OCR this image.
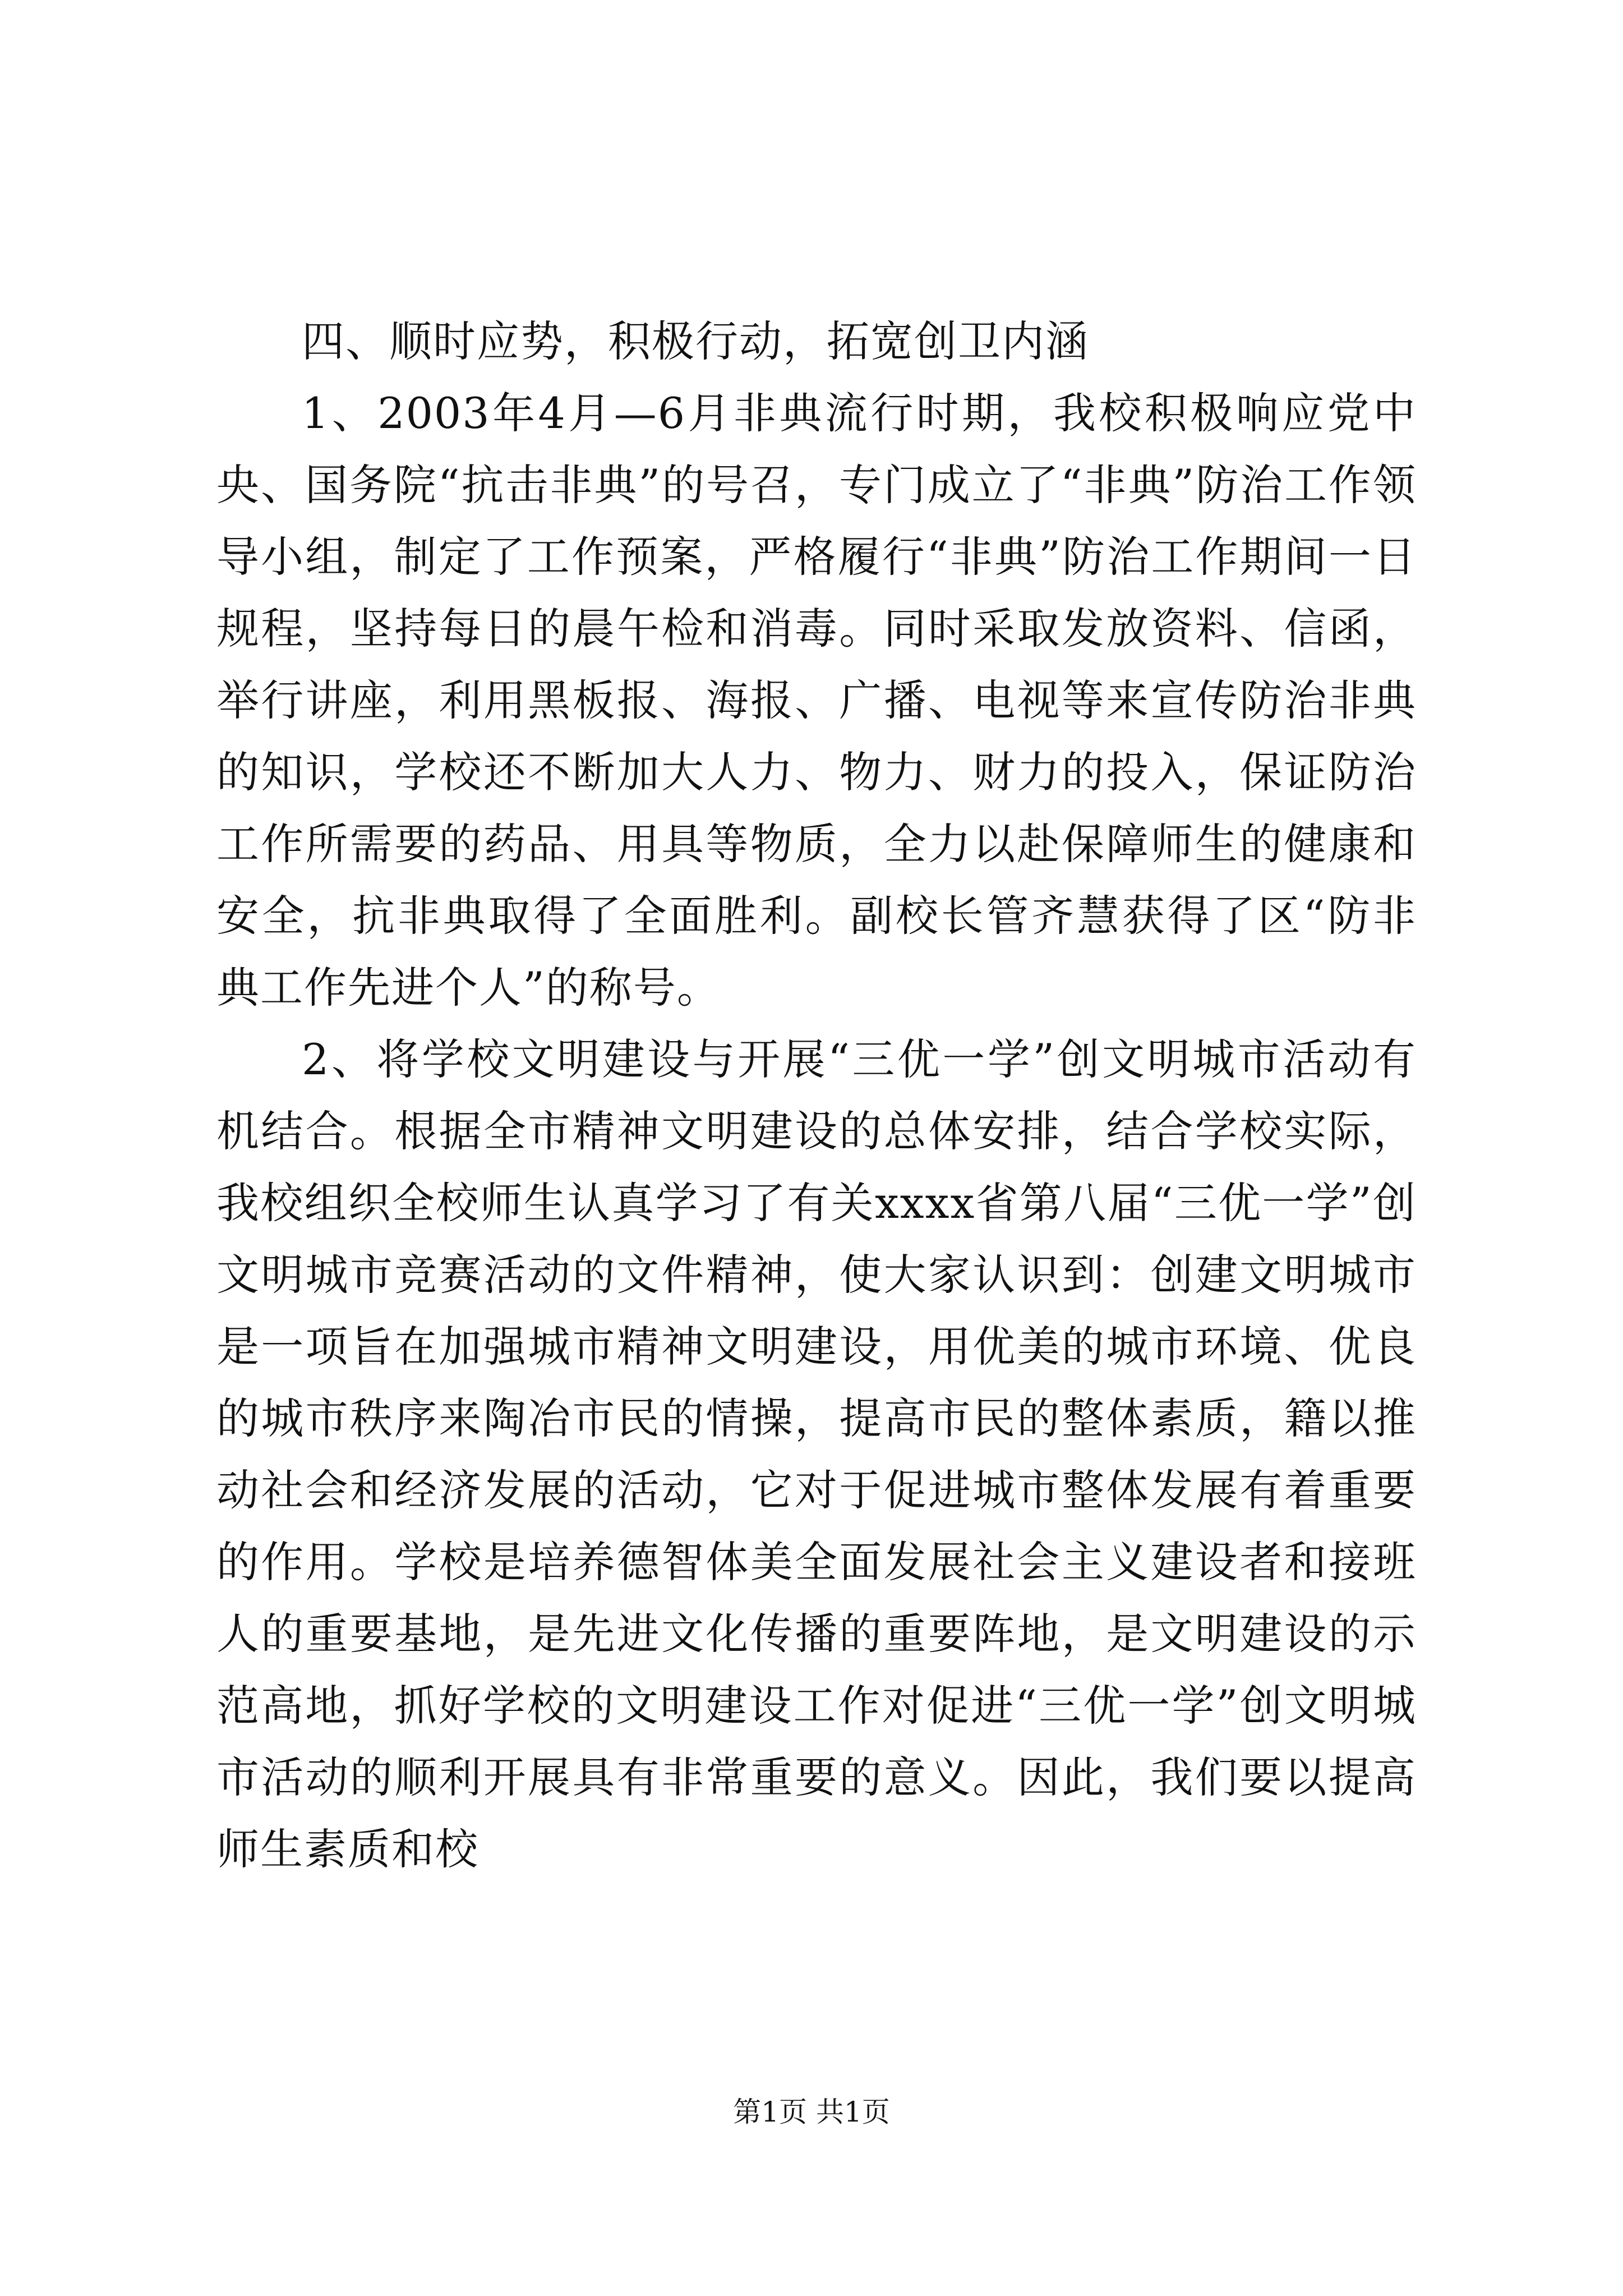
四、顺时应势，积极行动，拓宽创卫内涵

1、2003年4月—6月非典流行时期，我校积极响应党中央、国务院“抗击非典”的号召，专门成立了“非典”防治工作领导小组，制定了工作预案，严格履行“非典”防治工作期间一日规程，坚持每日的晨午检和消毒。同时采取发放资料、信函，举行讲座，利用黑板报、海报、广播、电视等来宣传防治非典的知识，学校还不断加大人力、物力、财力的投入，保证防治工作所需要的药品、用具等物质，全力以赴保障师生的健康和安全，抗非典取得了全面胜利。副校长管齐慧获得了区“防非典工作先进个人”的称号。

2、将学校文明建设与开展“三优一学”创文明城市活动有机结合。根据全市精神文明建设的总体安排，结合学校实际，我校组织全校师生认真学习了有关xxxx省第八届“三优一学”创文明城市竞赛活动的文件精神，使大家认识到：创建文明城市是一项旨在加强城市精神文明建设，用优美的城市环境、优良的城市秩序来陶冶市民的情操，提高市民的整体素质，籍以推动社会和经济发展的活动，它对于促进城市整体发展有着重要的作用。学校是培养德智体美全面发展社会主义建设者和接班人的重要基地，是先进文化传播的重要阵地，是文明建设的示范高地，抓好学校的文明建设工作对促进“三优一学”创文明城市活动的顺利开展具有非常重要的意义。因此，我们要以提高师生素质和校

第1页 共1页
